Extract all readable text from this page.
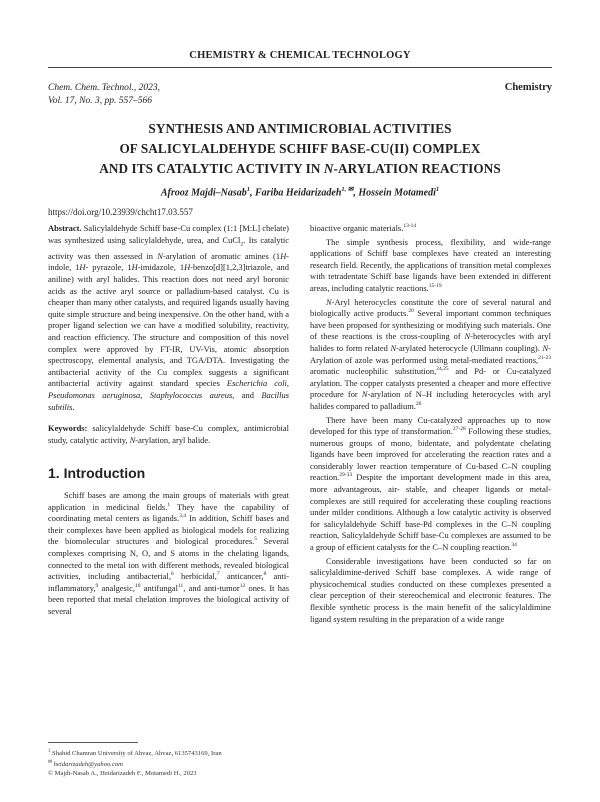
CHEMISTRY & CHEMICAL TECHNOLOGY
Chem. Chem. Technol., 2023,
Vol. 17, No. 3, pp. 557–566
Chemistry
SYNTHESIS AND ANTIMICROBIAL ACTIVITIES
OF SALICYLALDEHYDE SCHIFF BASE-CU(II) COMPLEX
AND ITS CATALYTIC ACTIVITY IN N-ARYLATION REACTIONS
Afrooz Majdi–Nasab$^1$, Fariba Heidarizadeh$^{1, ✉}$, Hossein Motamedi$^1$
https://doi.org/10.23939/chcht17.03.557

Abstract. Salicylaldehyde Schiff base-Cu complex (1:1 [M:L] chelate) was synthesized using salicylaldehyde, urea, and CuCl$_2$. Its catalytic activity was then assessed in N-arylation of aromatic amines (1H-indole, 1H- pyrazole, 1H-imidazole, 1H-benzo[d][1,2,3]triazole, and aniline) with aryl halides. This reaction does not need aryl boronic acids as the active aryl source or palladium-based catalyst. Cu is cheaper than many other catalysts, and required ligands usually having quite simple structure and being inexpensive. On the other hand, with a proper ligand selection we can have a modified solubility, reactivity, and reaction efficiency. The structure and composition of this novel complex were approved by FT-IR, UV-Vis, atomic absorption spectroscopy, elemental analysis, and TGA/DTA. Investigating the antibacterial activity of the Cu complex suggests a significant antibacterial activity against standard species Escherichia coli, Pseudomonas aeruginosa, Staphylococcus aureus, and Bacillus subtilis.

Keywords: salicylaldehyde Schiff base-Cu complex, antimicrobial study, catalytic activity, N-arylation, aryl halide.

1. Introduction

Schiff bases are among the main groups of materials with great application in medicinal fields.$^1$ They have the capability of coordinating metal centers as ligands.$^{3,4}$ In addition, Schiff bases and their complexes have been applied as biological models for realizing the biomolecular structures and biological procedures.$^5$ Several complexes comprising N, O, and S atoms in the chelating ligands, connected to the metal ion with different methods, revealed biological activities, including antibacterial,$^6$ herbicidal,$^7$ anticancer,$^8$ anti-inflammatory,$^9$ analgesic,$^{10}$ antifungal$^{11}$, and anti-tumor$^{12}$ ones. It has been reported that metal chelation improves the biological activity of several

bioactive organic materials.$^{13-14}$

The simple synthesis process, flexibility, and wide-range applications of Schiff base complexes have created an interesting research field. Recently, the applications of transition metal complexes with tetradentate Schiff base ligands have been extended in different areas, including catalytic reactions.$^{15-19}$

N-Aryl heterocycles constitute the core of several natural and biologically active products.$^{20}$ Several important common techniques have been proposed for synthesizing or modifying such materials. One of these reactions is the cross-coupling of N-heterocycles with aryl halides to form related N-arylated heterocycle (Ullmann coupling). N-Arylation of azole was performed using metal-mediated reactions,$^{21-23}$ aromatic nucleophilic substitution,$^{24,25}$ and Pd- or Cu-catalyzed arylation. The copper catalysts presented a cheaper and more effective procedure for N-arylation of N–H including heterocycles with aryl halides compared to palladium.$^{26}$

There have been many Cu-catalyzed approaches up to now developed for this type of transformation.$^{27-28}$ Following these studies, numerous groups of mono, bidentate, and polydentate chelating ligands have been improved for accelerating the reaction rates and a considerably lower reaction temperature of Cu-based C–N coupling reaction.$^{29-33}$ Despite the important development made in this area, more advantageous, air- stable, and cheaper ligands or metal-complexes are still required for accelerating these coupling reactions under milder conditions. Although a low catalytic activity is observed for salicylaldehyde Schiff base-Pd complexes in the C–N coupling reaction, Salicylaldehyde Schiff base-Cu complexes are assumed to be a group of efficient catalysts for the C–N coupling reaction.$^{34}$

Considerable investigations have been conducted so far on salicylaldimine-derived Schiff base complexes. A wide range of physicochemical studies conducted on these complexes presented a clear perception of their stereochemical and electronic features. The flexible synthetic process is the main benefit of the salicylaldimine ligand system resulting in the preparation of a wide range

$^1$ Shahid Chamran University of Ahvaz, Ahvaz, 6135743169, Iran
✉ heidarizadeh@yahoo.com
© Majdi-Nasab A., Heidarizadeh F., Motamedi H., 2023
